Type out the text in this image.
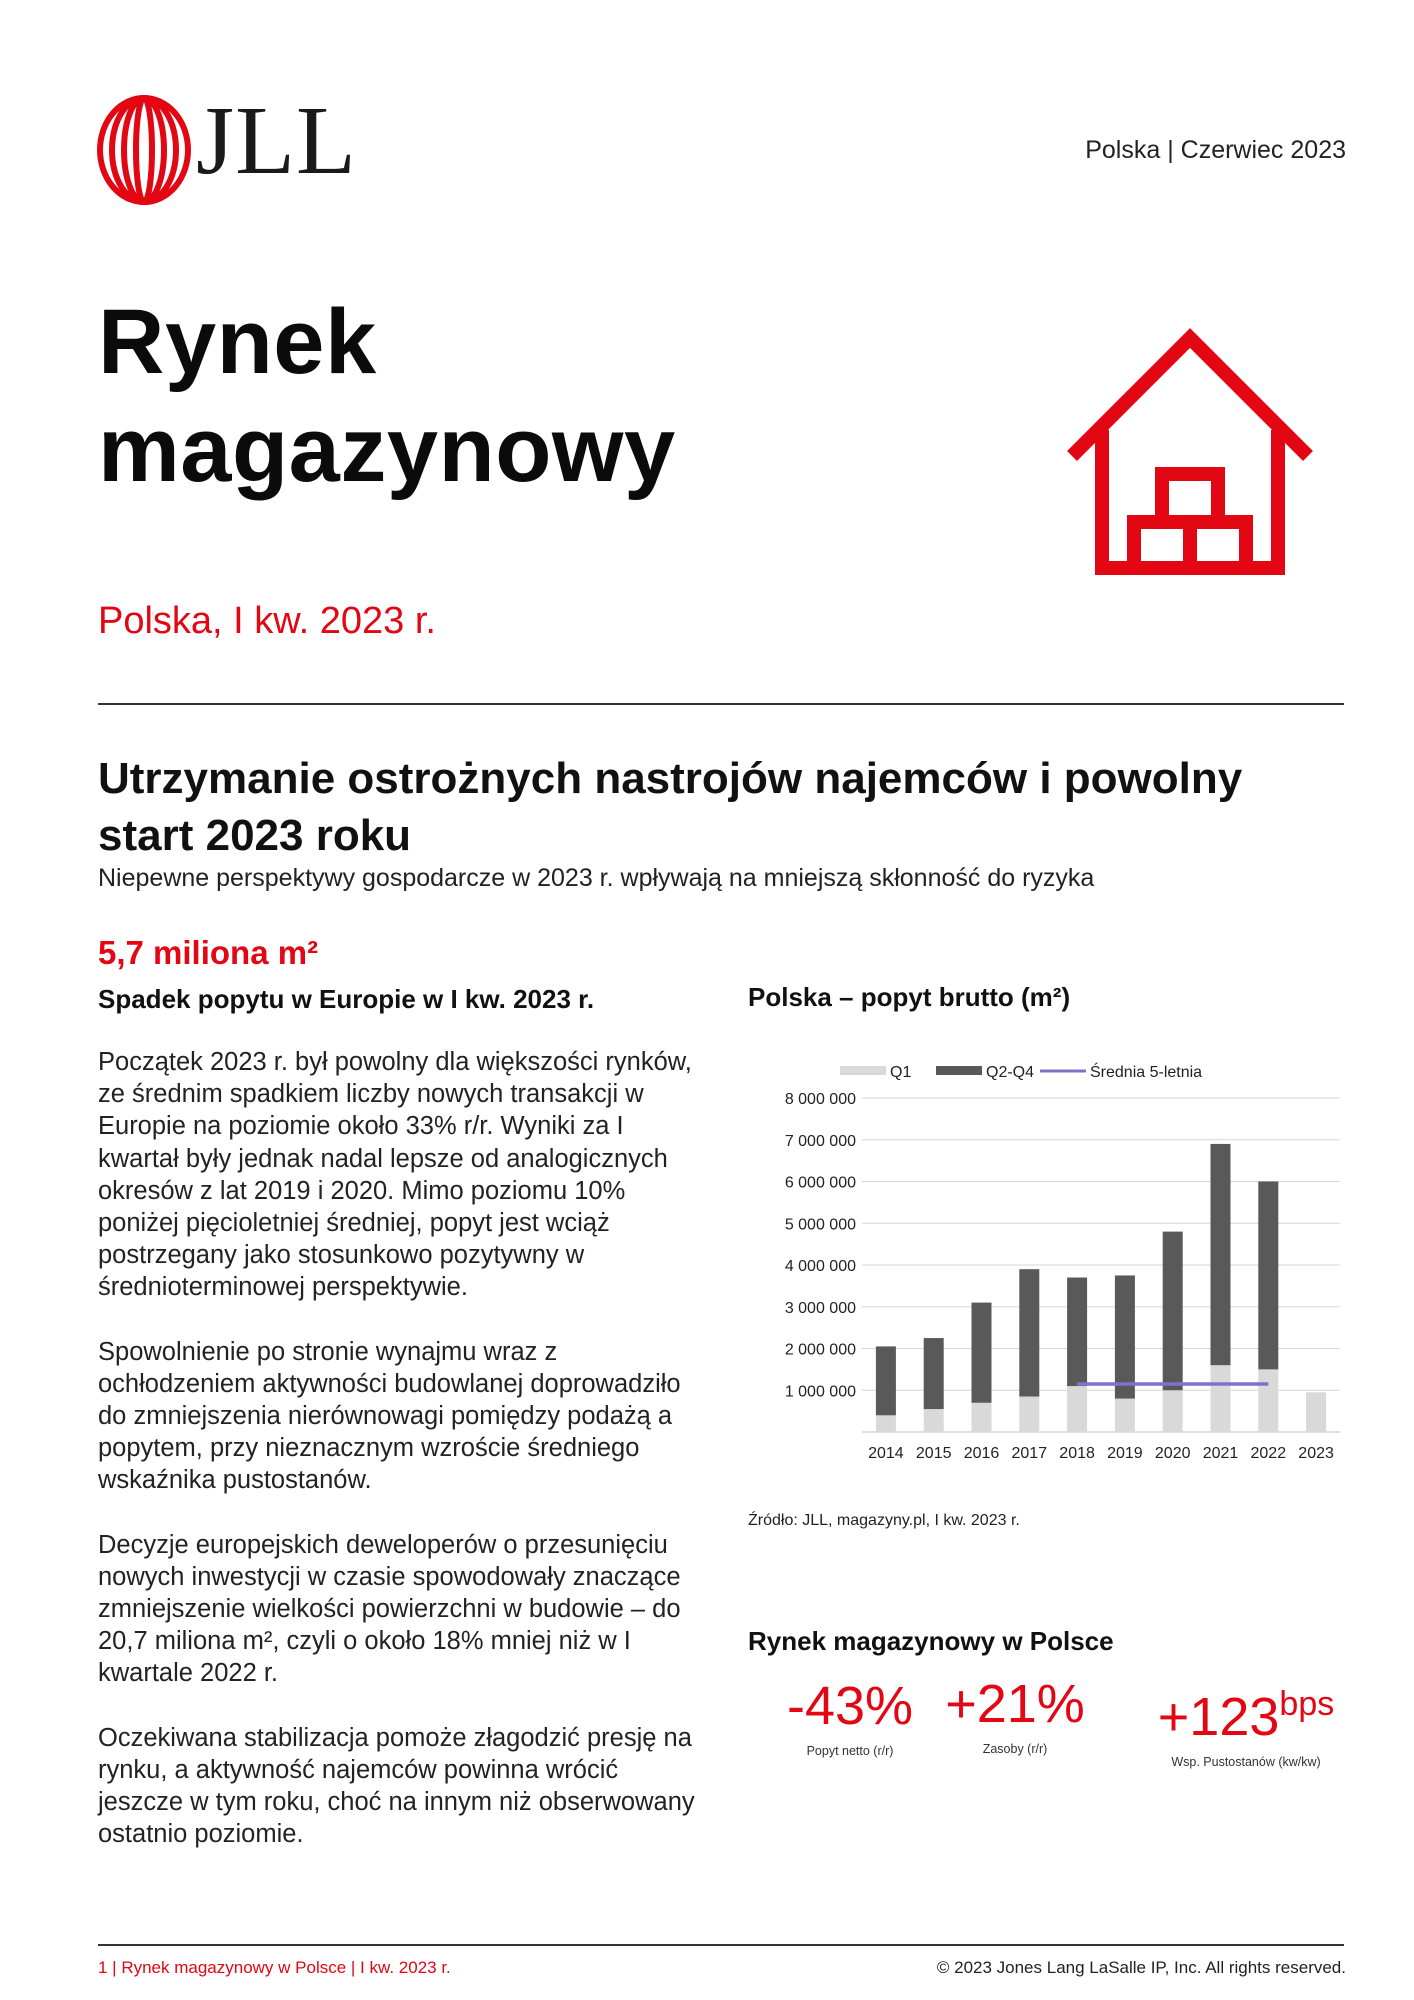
JLL	Polska | Czerwiec 2023
Rynek
magazynowy
Polska, I kw. 2023 r.
Utrzymanie ostrożnych nastrojów najemców i powolny
start 2023 roku
Niepewne perspektywy gospodarcze w 2023 r. wpływają na mniejszą skłonność do ryzyka
5,7 miliona m²
Spadek popytu w Europie w I kw. 2023 r.

Początek 2023 r. był powolny dla większości rynków, ze średnim spadkiem liczby nowych transakcji w Europie na poziomie około 33% r/r. Wyniki za I kwartał były jednak nadal lepsze od analogicznych okresów z lat 2019 i 2020. Mimo poziomu 10% poniżej pięcioletniej średniej, popyt jest wciąż postrzegany jako stosunkowo pozytywny w średnioterminowej perspektywie.

Spowolnienie po stronie wynajmu wraz z ochłodzeniem aktywności budowlanej doprowadziło do zmniejszenia nierównowagi pomiędzy podażą a popytem, przy nieznacznym wzroście średniego wskaźnika pustostanów.

Decyzje europejskich deweloperów o przesunięciu nowych inwestycji w czasie spowodowały znaczące zmniejszenie wielkości powierzchni w budowie – do 20,7 miliona m², czyli o około 18% mniej niż w I kwartale 2022 r.

Oczekiwana stabilizacja pomoże złagodzić presję na rynku, a aktywność najemców powinna wrócić jeszcze w tym roku, choć na innym niż obserwowany ostatnio poziomie.

Polska – popyt brutto (m²)
Q1	Q2-Q4	Średnia 5-letnia
1 000 000
2 000 000
3 000 000
4 000 000
5 000 000
6 000 000
7 000 000
8 000 000
2014 2015 2016 2017 2018 2019 2020 2021 2022 2023
Źródło: JLL, magazyny.pl, I kw. 2023 r.
Rynek magazynowy w Polsce
-43%
Popyt netto (r/r)
+21%
Zasoby (r/r)
$+123^{bps}$
Wsp. Pustostanów (kw/kw)
1 | Rynek magazynowy w Polsce | I kw. 2023 r.	© 2023 Jones Lang LaSalle IP, Inc. All rights reserved.
